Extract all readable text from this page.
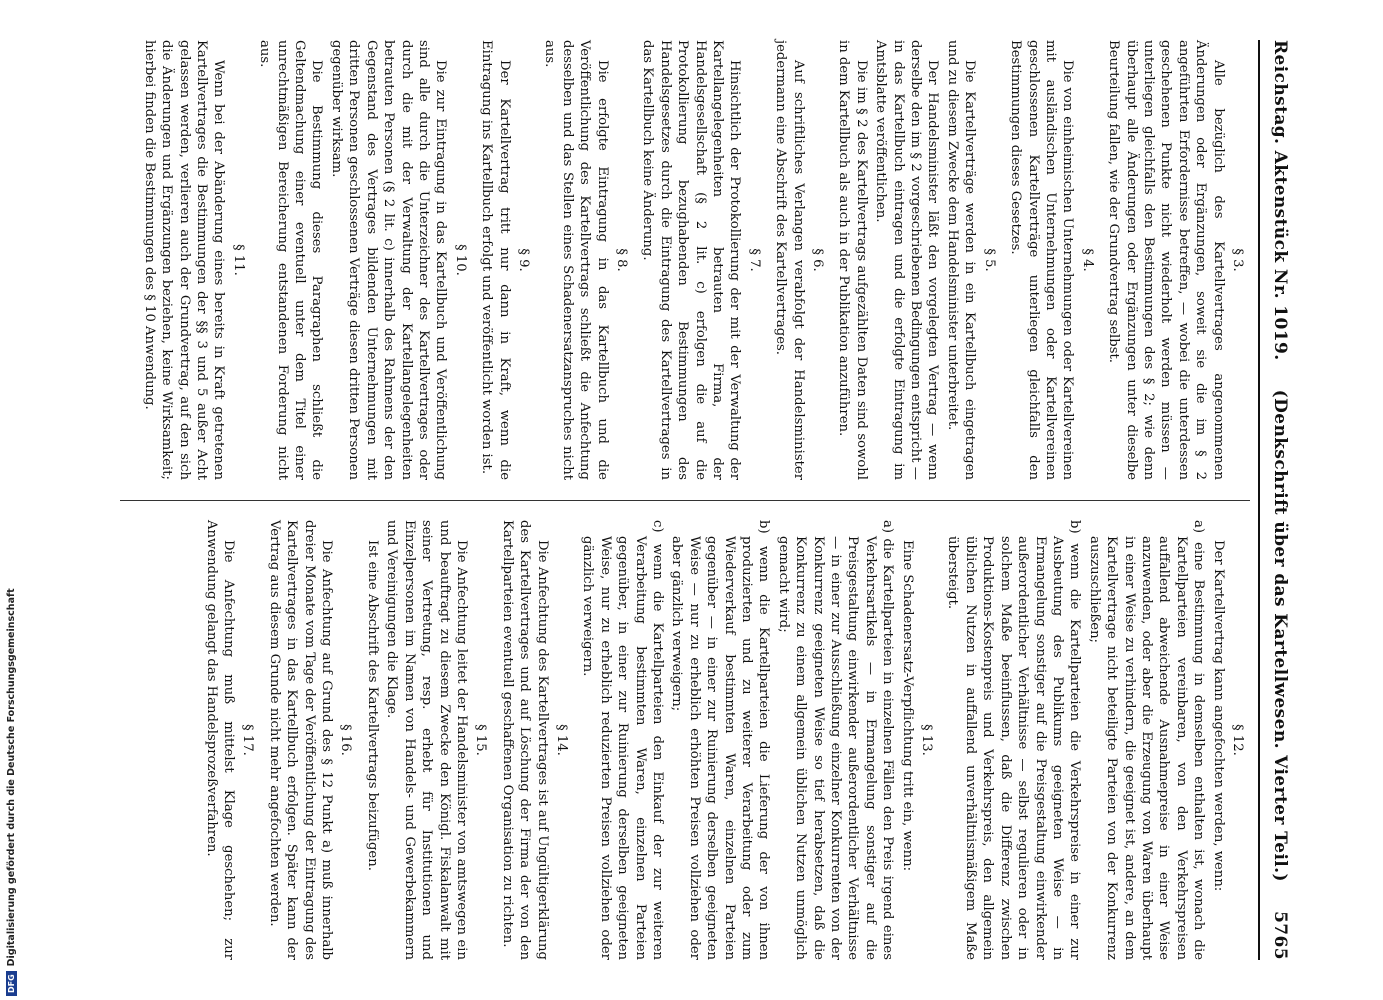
Reichstag. Aktenstück Nr. 1019.
(Denkschrift über das Kartellwesen. Vierter Teil.)
5765
§ 3.
Alle bezüglich des Kartellvertrages angenommenen Änderungen oder Ergänzungen, soweit sie die im § 2 angeführten Erfordernisse betreffen, — wobei die unterdessen geschehenen Punkte nicht wiederholt werden müssen — unterliegen gleichfalls den Bestimmungen des § 2; wie denn überhaupt alle Änderungen oder Ergänzungen unter dieselbe Beurteilung fallen, wie der Grundvertrag selbst.
§ 4.
Die von einheimischen Unternehmungen oder Kartellvereinen mit ausländischen Unternehmungen oder Kartellvereinen geschlossenen Kartellverträge unterliegen gleichfalls den Bestimmungen dieses Gesetzes.
§ 5.
Die Kartellverträge werden in ein Kartellbuch eingetragen und zu diesem Zwecke dem Handelsminister unterbreitet.
Der Handelsminister läßt den vorgelegten Vertrag — wenn derselbe den im § 2 vorgeschriebenen Bedingungen entspricht — in das Kartellbuch eintragen und die erfolgte Eintragung im Amtsblatte veröffentlichen.
Die im § 2 des Kartellvertrags aufgezählten Daten sind sowohl in dem Kartellbuch als auch in der Publikation anzuführen.
§ 6.
Auf schriftliches Verlangen verabfolgt der Handelsminister jedermann eine Abschrift des Kartellvertrages.
§ 7.
Hinsichtlich der Protokollierung der mit der Verwaltung der Kartellangelegenheiten betrauten Firma, der Handelsgesellschaft (§ 2 lit. c) erfolgen die auf die Protokollierung bezughabenden Bestimmungen des Handelsgesetzes durch die Eintragung des Kartellvertrages in das Kartellbuch keine Änderung.
§ 8.
Die erfolgte Eintragung in das Kartellbuch und die Veröffentlichung des Kartellvertrags schließt die Anfechtung desselben und das Stellen eines Schadenersatzanspruches nicht aus.
§ 9.
Der Kartellvertrag tritt nur dann in Kraft, wenn die Eintragung ins Kartellbuch erfolgt und veröffentlicht worden ist.
§ 10.
Die zur Eintragung in das Kartellbuch und Veröffentlichung sind alle durch die Unterzeichner des Kartellvertrages oder durch die mit der Verwaltung der Kartellangelegenheiten betrauten Personen (§ 2 lit. c) innerhalb des Rahmens der den Gegenstand des Vertrages bildenden Unternehmungen mit dritten Personen geschlossenen Verträge diesen dritten Personen gegenüber wirksam.
Die Bestimmung dieses Paragraphen schließt die Geltendmachung einer eventuell unter dem Titel einer unrechtmäßigen Bereicherung entstandenen Forderung nicht aus.
§ 11.
Wenn bei der Abänderung eines bereits in Kraft getretenen Kartellvertrages die Bestimmungen der §§ 3 und 5 außer Acht gelassen werden, verlieren auch der Grundvertrag, auf den sich die Änderungen und Ergänzungen beziehen, keine Wirksamkeit; hierbei finden die Bestimmungen des § 10 Anwendung.
§ 12.
Der Kartellvertrag kann angefochten werden, wenn:
a) eine Bestimmung in demselben enthalten ist, wonach die Kartellparteien vereinbaren, von den Verkehrspreisen auffallend abweichende Ausnahmepreise in einer Weise anzuwenden, oder aber die Erzeugung von Waren überhaupt in einer Weise zu verhindern, die geeignet ist, andere, an dem Kartellvertrage nicht beteiligte Parteien von der Konkurrenz auszuschließen;
b) wenn die Kartellparteien die Verkehrspreise in einer zur Ausbeutung des Publikums geeigneten Weise — in Ermangelung sonstiger auf die Preisgestaltung einwirkender außerordentlicher Verhältnisse — selbst regulieren oder in solchem Maße beeinflussen, daß die Differenz zwischen Produktions-Kostenpreis und Verkehrspreis, den allgemein üblichen Nutzen in auffallend unverhältnismäßigem Maße übersteigt.
§ 13.
Eine Schadenersatz-Verpflichtung tritt ein, wenn:
a) die Kartellparteien in einzelnen Fällen den Preis irgend eines Verkehrsartikels — in Ermangelung sonstiger auf die Preisgestaltung einwirkender außerordentlicher Verhältnisse — in einer zur Ausschließung einzelner Konkurrenten von der Konkurrenz geeigneten Weise so tief herabsetzen, daß die Konkurrenz zu einem allgemein üblichen Nutzen unmöglich gemacht wird;
b) wenn die Kartellparteien die Lieferung der von ihnen produzierten und zu weiterer Verarbeitung oder zum Wiederverkauf bestimmten Waren, einzelnen Parteien gegenüber — in einer zur Ruinierung derselben geeigneten Weise — nur zu erheblich erhöhten Preisen vollziehen oder aber gänzlich verweigern;
c) wenn die Kartellparteien den Einkauf der zur weiteren Verarbeitung bestimmten Waren, einzelnen Parteien gegenüber, in einer zur Ruinierung derselben geeigneten Weise, nur zu erheblich reduzierten Preisen vollziehen oder gänzlich verweigern.
§ 14.
Die Anfechtung des Kartellvertrages ist auf Ungültigerklärung des Kartellvertrages und auf Löschung der Firma der von den Kartellparteien eventuell geschaffenen Organisation zu richten.
§ 15.
Die Anfechtung leitet der Handelsminister von amtswegen ein und beauftragt zu diesem Zwecke den Königl. Fiskalanwalt mit seiner Vertretung, resp. erhebt für Institutionen und Einzelpersonen im Namen von Handels- und Gewerbekammern und Vereinigungen die Klage.
Ist eine Abschrift des Kartellvertrags beizufügen.
§ 16.
Die Anfechtung auf Grund des § 12 Punkt a) muß innerhalb dreier Monate vom Tage der Veröffentlichung der Eintragung des Kartellvertrages in das Kartellbuch erfolgen. Später kann der Vertrag aus diesem Grunde nicht mehr angefochten werden.
§ 17.
Die Anfechtung muß mittelst Klage geschehen; zur Anwendung gelangt das Handelsprozeßverfahren.
DFG
Digitalisierung gefördert durch die Deutsche Forschungsgemeinschaft
